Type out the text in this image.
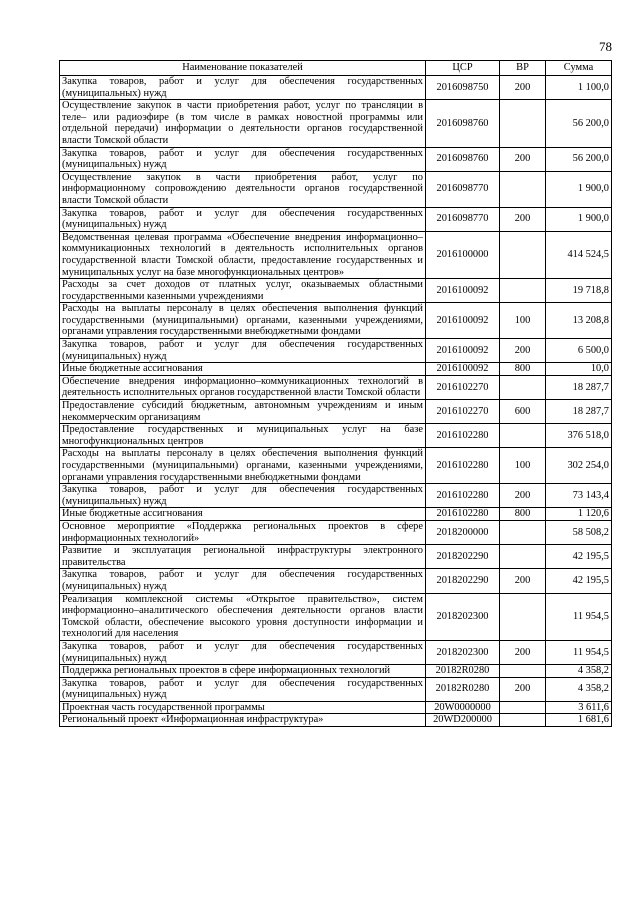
78
Наименование показателей	ЦСР	ВР	Сумма
Закупка товаров, работ и услуг для обеспечения государственных (муниципальных) нужд	2016098750	200	1 100,0
Осуществление закупок в части приобретения работ, услуг по трансляции в теле– или радиоэфире (в том числе в рамках новостной программы или отдельной передачи) информации о деятельности органов государственной власти Томской области	2016098760		56 200,0
Закупка товаров, работ и услуг для обеспечения государственных (муниципальных) нужд	2016098760	200	56 200,0
Осуществление закупок в части приобретения работ, услуг по информационному сопровождению деятельности органов государственной власти Томской области	2016098770		1 900,0
Закупка товаров, работ и услуг для обеспечения государственных (муниципальных) нужд	2016098770	200	1 900,0
Ведомственная целевая программа «Обеспечение внедрения информационно–коммуникационных технологий в деятельность исполнительных органов государственной власти Томской области, предоставление государственных и муниципальных услуг на базе многофункциональных центров»	2016100000		414 524,5
Расходы за счет доходов от платных услуг, оказываемых областными государственными казенными учреждениями	2016100092		19 718,8
Расходы на выплаты персоналу в целях обеспечения выполнения функций государственными (муниципальными) органами, казенными учреждениями, органами управления государственными внебюджетными фондами	2016100092	100	13 208,8
Закупка товаров, работ и услуг для обеспечения государственных (муниципальных) нужд	2016100092	200	6 500,0
Иные бюджетные ассигнования	2016100092	800	10,0
Обеспечение внедрения информационно–коммуникационных технологий в деятельность исполнительных органов государственной власти Томской области	2016102270		18 287,7
Предоставление субсидий бюджетным, автономным учреждениям и иным некоммерческим организациям	2016102270	600	18 287,7
Предоставление государственных и муниципальных услуг на базе многофункциональных центров	2016102280		376 518,0
Расходы на выплаты персоналу в целях обеспечения выполнения функций государственными (муниципальными) органами, казенными учреждениями, органами управления государственными внебюджетными фондами	2016102280	100	302 254,0
Закупка товаров, работ и услуг для обеспечения государственных (муниципальных) нужд	2016102280	200	73 143,4
Иные бюджетные ассигнования	2016102280	800	1 120,6
Основное мероприятие «Поддержка региональных проектов в сфере информационных технологий»	2018200000		58 508,2
Развитие и эксплуатация региональной инфраструктуры электронного правительства	2018202290		42 195,5
Закупка товаров, работ и услуг для обеспечения государственных (муниципальных) нужд	2018202290	200	42 195,5
Реализация комплексной системы «Открытое правительство», систем информационно–аналитического обеспечения деятельности органов власти Томской области, обеспечение высокого уровня доступности информации и технологий для населения	2018202300		11 954,5
Закупка товаров, работ и услуг для обеспечения государственных (муниципальных) нужд	2018202300	200	11 954,5
Поддержка региональных проектов в сфере информационных технологий	20182R0280		4 358,2
Закупка товаров, работ и услуг для обеспечения государственных (муниципальных) нужд	20182R0280	200	4 358,2
Проектная часть государственной программы	20W0000000		3 611,6
Региональный проект «Информационная инфраструктура»	20WD200000		1 681,6
